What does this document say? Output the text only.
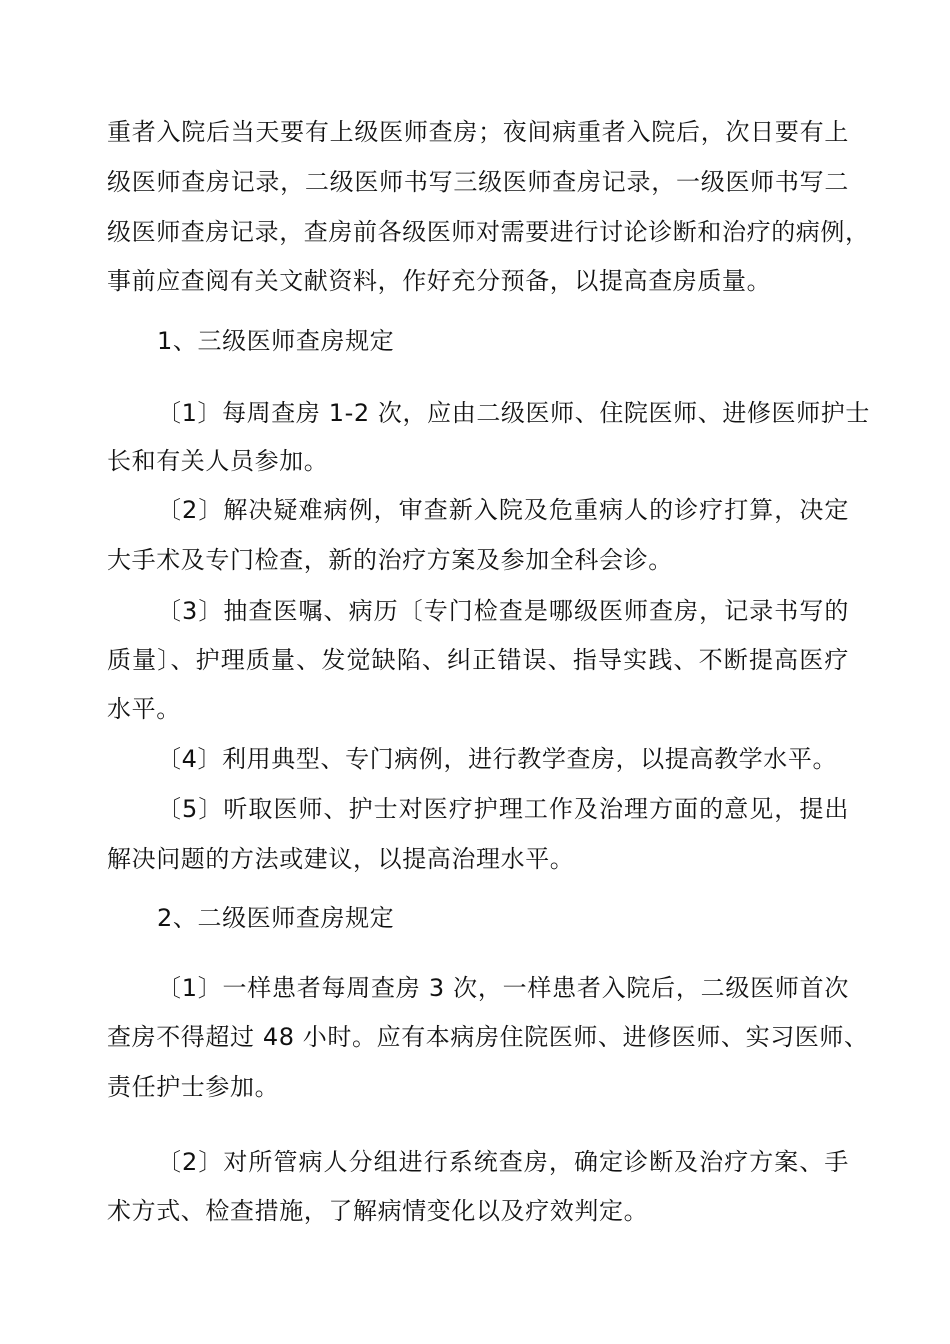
重者入院后当天要有上级医师查房；夜间病重者入院后，次日要有上
级医师查房记录，二级医师书写三级医师查房记录，一级医师书写二
级医师查房记录，查房前各级医师对需要进行讨论诊断和治疗的病例，
事前应查阅有关文献资料，作好充分预备，以提高查房质量。
1、三级医师查房规定
〔1〕每周查房 1-2 次，应由二级医师、住院医师、进修医师护士
长和有关人员参加。
〔2〕解决疑难病例，审查新入院及危重病人的诊疗打算，决定
大手术及专门检查，新的治疗方案及参加全科会诊。
〔3〕抽查医嘱、病历〔专门检查是哪级医师查房，记录书写的
质量〕、护理质量、发觉缺陷、纠正错误、指导实践、不断提高医疗
水平。
〔4〕利用典型、专门病例，进行教学查房，以提高教学水平。
〔5〕听取医师、护士对医疗护理工作及治理方面的意见，提出
解决问题的方法或建议，以提高治理水平。
2、二级医师查房规定
〔1〕一样患者每周查房 3 次，一样患者入院后，二级医师首次
查房不得超过 48 小时。应有本病房住院医师、进修医师、实习医师、
责任护士参加。
〔2〕对所管病人分组进行系统查房，确定诊断及治疗方案、手
术方式、检查措施，了解病情变化以及疗效判定。
